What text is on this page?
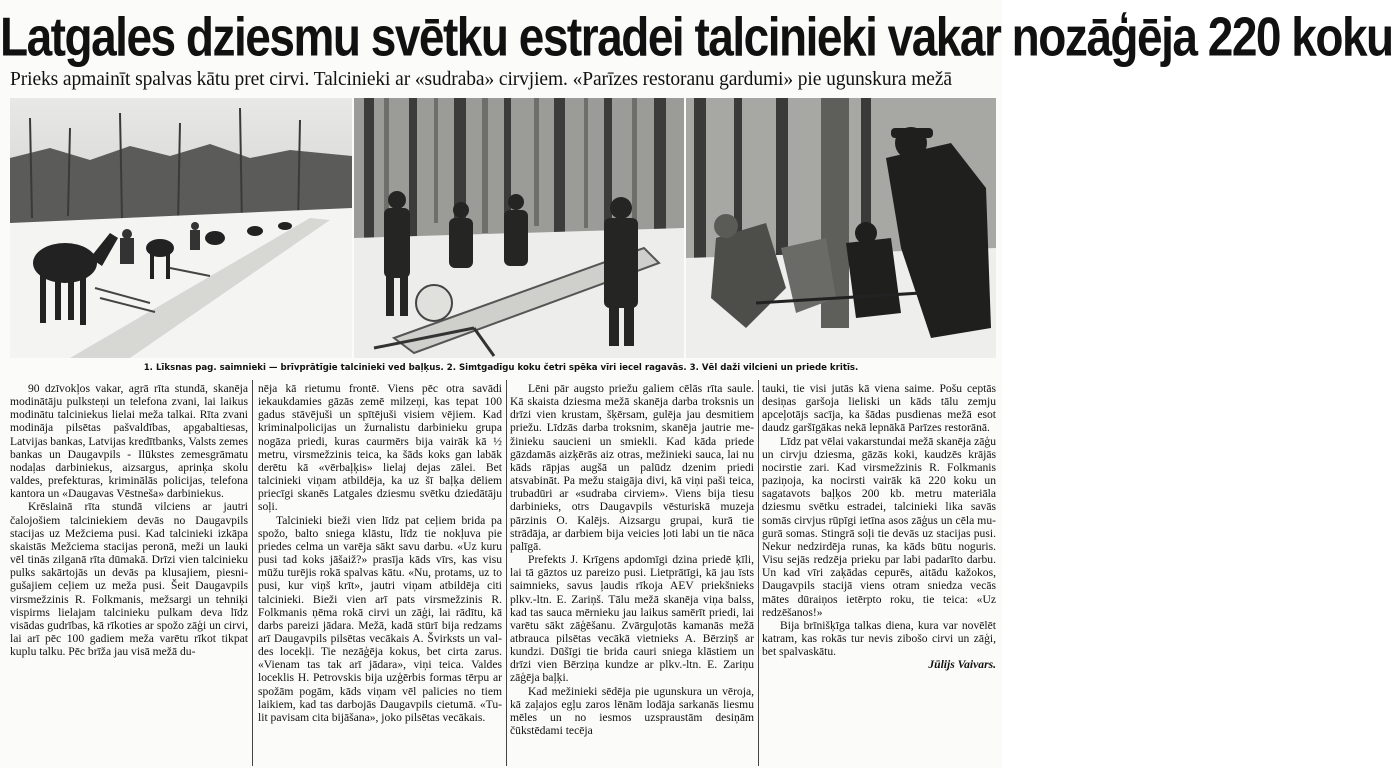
Latgales dziesmu svētku estradei talcinieki vakar nozāģēja 220 koku
Prieks apmainīt spalvas kātu pret cirvi. Talcinieki ar «sudraba» cirvjiem. «Parīzes restoranu gardumi» pie ugunskura mežā
1. Līksnas pag. saimnieki — brīvprātīgie talcinieki ved baļķus. 2. Simtgadīgu koku četri spēka vīri iecel ragavās. 3. Vēl daži vilcieni un priede kritīs.

90 dzīvokļos vakar, agrā rīta stundā, skanēja modinātāju pulksteņi un telefona zvani, lai laikus modinātu talciniekus lielai meža talkai. Rīta zvani modināja pilsētas pašvaldības, apgabaltiesas, Latvijas bankas, Latvijas kredītbanks, Valsts zemes bankas un Daugavpils - Ilūkstes zemesgrāmatu nodaļas darbiniekus, aizsargus, aprinķa skolu valdes, prefekturas, kriminālās policijas, telefona kantora un «Daugavas Vēstneša» darbiniekus.

Krēslainā rīta stundā vilciens ar jautri čalojošiem talciniekiem devās no Daugavpils stacijas uz Mežciema pusi. Kad talcinieki izkāpa skaistās Mežciema stacijas peronā, meži un lauki vēl tinās zilganā rīta dūmakā. Drīzi vien talcinieku pulks sakārtojās un devās pa klusajiem, piesnigušajiem ceļiem uz meža pusi. Šeit Daugavpils virsmežzinis R. Folkmanis, mežsargi un tehniķi vispirms lielajam talcinieku pulkam deva līdz visādas gudrības, kā rīkoties ar spožo zāģi un cirvi, lai arī pēc 100 gadiem meža varētu rīkot tikpat kuplu talku. Pēc brīža jau visā mežā du-

nēja kā rietumu frontē. Viens pēc otra savādi iekaukdamies gāzās zemē milzeņi, kas tepat 100 gadus stāvējuši un spītējuši visiem vējiem. Kad kriminalpolicijas un žurnalistu darbinieku grupa nogāza priedi, kuras caurmērs bija vairāk kā ½ metru, virsmežzinis teica, ka šāds koks gan labāk derētu kā «vērbaļķis» lielaj dejas zālei. Bet talcinieki viņam atbildēja, ka uz šī baļķa dēliem priecīgi skanēs Latgales dziesmu svētku dziedātāju soļi.

Talcinieki bieži vien līdz pat ceļiem brida pa spožo, balto sniega klāstu, līdz tie nokļuva pie priedes celma un varēja sākt savu darbu. «Uz kuru pusi tad koks jāšaiž?» prasīja kāds vīrs, kas visu mūžu turējis rokā spalvas kātu. «Nu, protams, uz to pusi, kur viņš krīt», jautri viņam atbildēja citi talcinieki. Bieži vien arī pats virsmežzinis R. Folkmanis ņēma rokā cirvi un zāģi, lai rādītu, kā darbs pareizi jādara. Mežā, kadā stūrī bija redzams arī Daugavpils pilsētas vecākais A. Švirksts un valdes locekļi. Tie nezāģēja kokus, bet cirta zarus. «Vienam tas tak arī jādara», viņi teica. Valdes loceklis H. Petrovskis bija uzģērbis formas tērpu ar spožām pogām, kāds viņam vēl palicies no tiem laikiem, kad tas darbojās Daugavpils cietumā. «Tulit pavisam cita bijāšana», joko pilsētas vecākais.

Lēni pār augsto priežu galiem cēlās rīta saule. Kā skaista dziesma mežā skanēja darba troksnis un drīzi vien krustam, šķērsam, gulēja jau desmitiem priežu. Līdzās darba troksnim, skanēja jautrie mežinieku saucieni un smiekli. Kad kāda priede gāzdamās aizķērās aiz otras, mežinieki sauca, lai nu kāds rāpjas augšā un palūdz dzenim priedi atsvabināt. Pa mežu staigāja divi, kā viņi paši teica, trubadūri ar «sudraba cirviem». Viens bija tiesu darbinieks, otrs Daugavpils vēsturiskā muzeja pārzinis O. Kalējs. Aizsargu grupai, kurā tie strādāja, ar darbiem bija veicies ļoti labi un tie nāca palīgā.

Prefekts J. Krīgens apdomīgi dzina priedē ķīli, lai tā gāztos uz pareizo pusi. Lietprātīgi, kā jau īsts saimnieks, savus ļaudis rīkoja AEV priekšnieks plkv.-ltn. E. Zariņš. Tālu mežā skanēja viņa balss, kad tas sauca mērnieku jau laikus samērīt priedi, lai varētu sākt zāģēšanu. Zvārguļotās kamanās mežā atbrauca pilsētas vecākā vietnieks A. Bērziņš ar kundzi. Dūšīgi tie brida cauri sniega klāstiem un drīzi vien Bērziņa kundze ar plkv.-ltn. E. Zariņu zāģēja baļķi.

Kad mežinieki sēdēja pie ugunskura un vēroja, kā zaļajos egļu zaros lēnām lodāja sarkanās liesmu mēles un no iesmos uzspraustām desiņām čūkstēdami tecēja

tauki, tie visi jutās kā viena saime. Pošu ceptās desiņas garšoja lieliski un kāds tālu zemju apceļotājs sacīja, ka šādas pusdienas mežā esot daudz garšīgākas nekā lepnākā Parīzes restorānā.

Līdz pat vēlai vakarstundai mežā skanēja zāģu un cirvju dziesma, gāzās koki, kaudzēs krājās nocirstie zari. Kad virsmežzinis R. Folkmanis paziņoja, ka nocirsti vairāk kā 220 koku un sagatavots baļķos 200 kb. metru materiāla dziesmu svētku estradei, talcinieki lika savās somās cirvjus rūpīgi ietīna asos zāģus un cēla mugurā somas. Stingrā soļi tie devās uz stacijas pusi. Nekur nedzirdēja runas, ka kāds būtu noguris. Visu sejās redzēja prieku par labi padarīto darbu. Un kad vīri zaķādas cepurēs, aitādu kažokos, Daugavpils stacijā viens otram sniedza vecās mātes dūraiņos ietērpto roku, tie teica: «Uz redzēšanos!»

Bija brīnišķīga talkas diena, kura var novēlēt katram, kas rokās tur nevis zibošo cirvi un zāģi, bet spalvaskātu.

Jūlijs Vaivars.
